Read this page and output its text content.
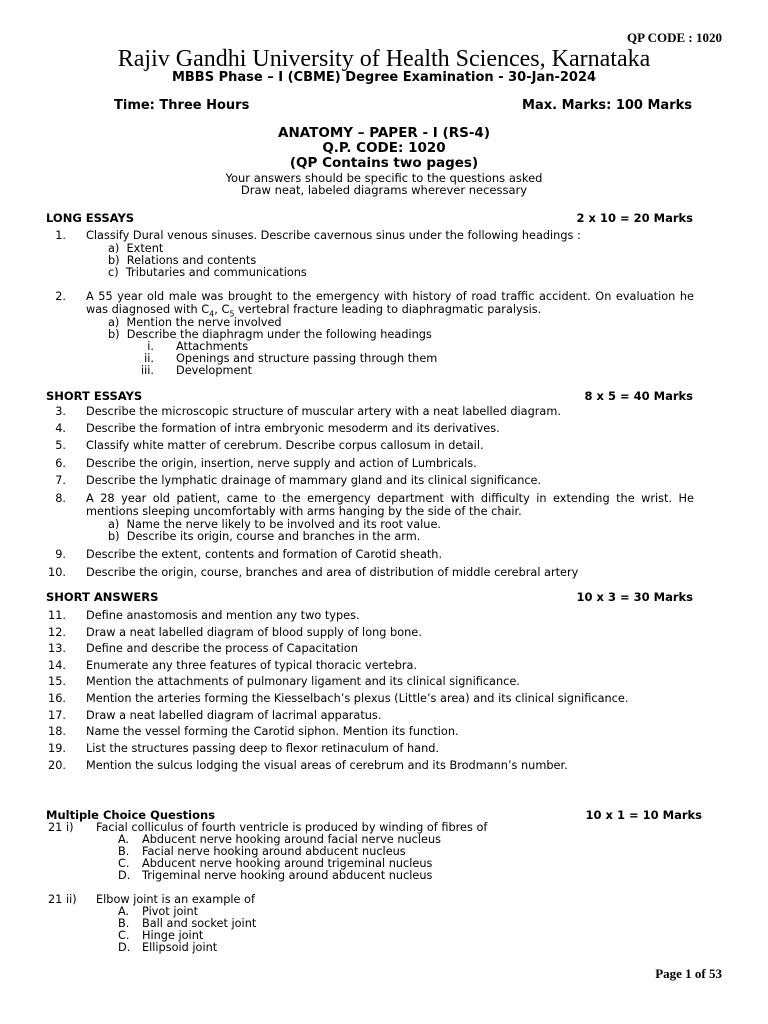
QP CODE : 1020
Rajiv Gandhi University of Health Sciences, Karnataka
MBBS Phase – I (CBME) Degree Examination - 30-Jan-2024
Time: Three Hours	Max. Marks: 100 Marks
ANATOMY – PAPER - I (RS-4)
Q.P. CODE: 1020
(QP Contains two pages)
Your answers should be specific to the questions asked
Draw neat, labeled diagrams wherever necessary
LONG ESSAYS	2 x 10 = 20 Marks
1. Classify Dural venous sinuses. Describe cavernous sinus under the following headings :
a) Extent
b) Relations and contents
c) Tributaries and communications
2. A 55 year old male was brought to the emergency with history of road traffic accident. On evaluation he was diagnosed with $C_4$, $C_5$ vertebral fracture leading to diaphragmatic paralysis.
a) Mention the nerve involved
b) Describe the diaphragm under the following headings
i. Attachments
ii. Openings and structure passing through them
iii. Development
SHORT ESSAYS	8 x 5 = 40 Marks
3. Describe the microscopic structure of muscular artery with a neat labelled diagram.
4. Describe the formation of intra embryonic mesoderm and its derivatives.
5. Classify white matter of cerebrum. Describe corpus callosum in detail.
6. Describe the origin, insertion, nerve supply and action of Lumbricals.
7. Describe the lymphatic drainage of mammary gland and its clinical significance.
8. A 28 year old patient, came to the emergency department with difficulty in extending the wrist. He mentions sleeping uncomfortably with arms hanging by the side of the chair.
a) Name the nerve likely to be involved and its root value.
b) Describe its origin, course and branches in the arm.
9. Describe the extent, contents and formation of Carotid sheath.
10. Describe the origin, course, branches and area of distribution of middle cerebral artery
SHORT ANSWERS	10 x 3 = 30 Marks
11. Define anastomosis and mention any two types.
12. Draw a neat labelled diagram of blood supply of long bone.
13. Define and describe the process of Capacitation
14. Enumerate any three features of typical thoracic vertebra.
15. Mention the attachments of pulmonary ligament and its clinical significance.
16. Mention the arteries forming the Kiesselbach’s plexus (Little’s area) and its clinical significance.
17. Draw a neat labelled diagram of lacrimal apparatus.
18. Name the vessel forming the Carotid siphon. Mention its function.
19. List the structures passing deep to flexor retinaculum of hand.
20. Mention the sulcus lodging the visual areas of cerebrum and its Brodmann’s number.
Multiple Choice Questions	10 x 1 = 10 Marks
21 i) Facial colliculus of fourth ventricle is produced by winding of fibres of
A. Abducent nerve hooking around facial nerve nucleus
B. Facial nerve hooking around abducent nucleus
C. Abducent nerve hooking around trigeminal nucleus
D. Trigeminal nerve hooking around abducent nucleus
21 ii) Elbow joint is an example of
A. Pivot joint
B. Ball and socket joint
C. Hinge joint
D. Ellipsoid joint
Page 1 of 53
